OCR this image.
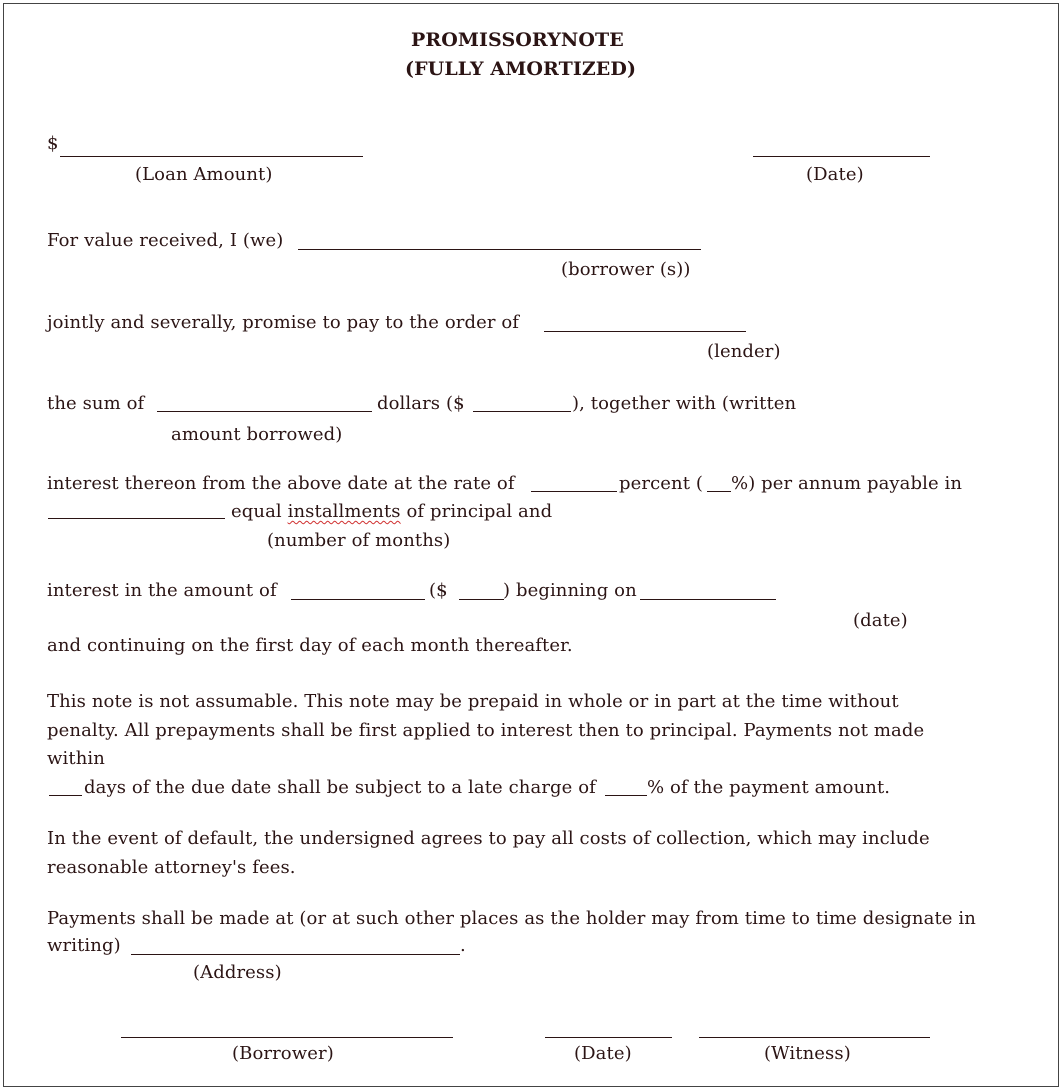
PROMISSORYNOTE
(FULLY AMORTIZED)
$
(Loan Amount)	(Date)
For value received, I (we)
(borrower (s))
jointly and severally, promise to pay to the order of
(lender)
the sum of	dollars ($	), together with (written
amount borrowed)
interest thereon from the above date at the rate of	percent ( %) per annum payable in
equal installments of principal and
(number of months)
interest in the amount of	($	) beginning on
(date)
and continuing on the first day of each month thereafter.
This note is not assumable. This note may be prepaid in whole or in part at the time without
penalty. All prepayments shall be first applied to interest then to principal. Payments not made
within
days of the due date shall be subject to a late charge of	% of the payment amount.
In the event of default, the undersigned agrees to pay all costs of collection, which may include
reasonable attorney's fees.
Payments shall be made at (or at such other places as the holder may from time to time designate in
writing)	.
(Address)
(Borrower)	(Date)	(Witness)
